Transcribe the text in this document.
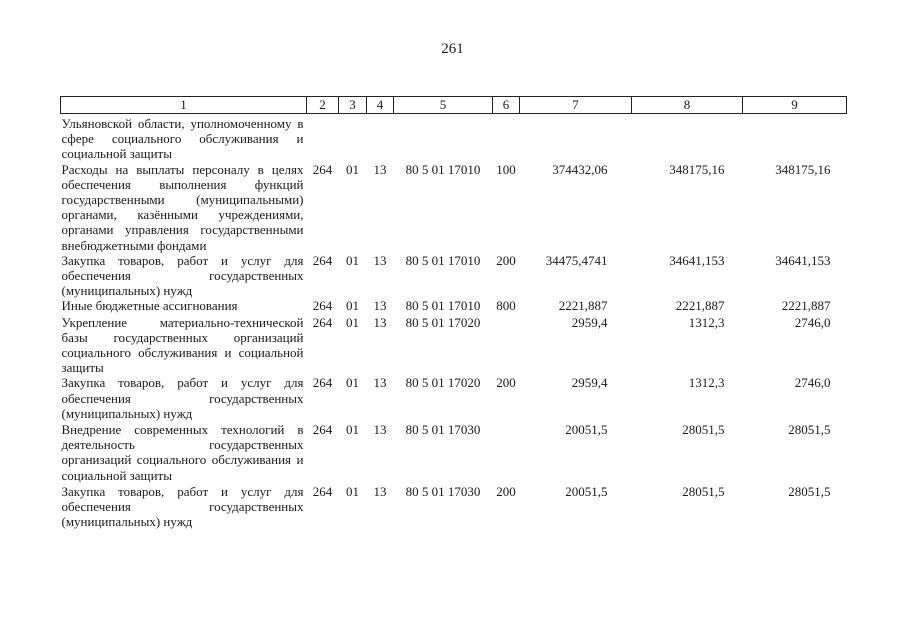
261
1	2	3	4	5	6	7	8	9
Ульяновской области, уполномоченному в сфере социального обслуживания и социальной защиты								
Расходы на выплаты персоналу в целях обеспечения выполнения функций государственными (муниципальными) органами, казёнными учреждениями, органами управления государственными внебюджетными фондами	264	01	13	80 5 01 17010	100	374432,06	348175,16	348175,16
Закупка товаров, работ и услуг для обеспечения государственных (муниципальных) нужд	264	01	13	80 5 01 17010	200	34475,4741	34641,153	34641,153
Иные бюджетные ассигнования	264	01	13	80 5 01 17010	800	2221,887	2221,887	2221,887
Укрепление материально-технической базы государственных организаций социального обслуживания и социальной защиты	264	01	13	80 5 01 17020		2959,4	1312,3	2746,0
Закупка товаров, работ и услуг для обеспечения государственных (муниципальных) нужд	264	01	13	80 5 01 17020	200	2959,4	1312,3	2746,0
Внедрение современных технологий в деятельность государственных организаций социального обслуживания и социальной защиты	264	01	13	80 5 01 17030		20051,5	28051,5	28051,5
Закупка товаров, работ и услуг для обеспечения государственных (муниципальных) нужд	264	01	13	80 5 01 17030	200	20051,5	28051,5	28051,5
